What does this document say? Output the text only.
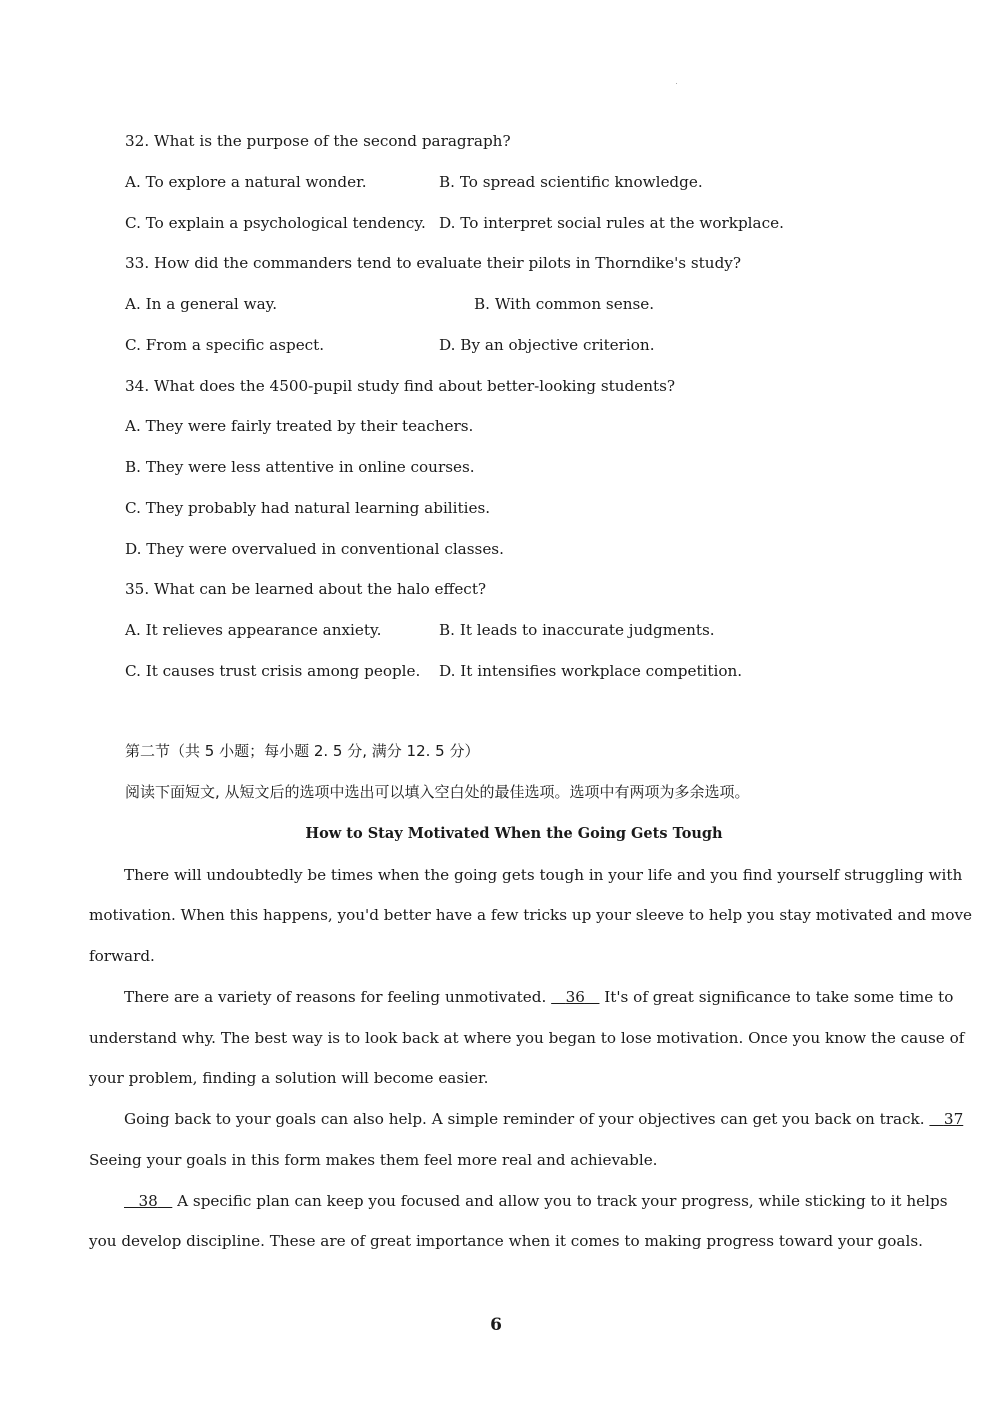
32. What is the purpose of the second paragraph?
A. To explore a natural wonder.	B. To spread scientific knowledge.
C. To explain a psychological tendency. D. To interpret social rules at the workplace.
33. How did the commanders tend to evaluate their pilots in Thorndike's study?
A. In a general way.	B. With common sense.
C. From a specific aspect.	D. By an objective criterion.
34. What does the 4500-pupil study find about better-looking students?
A. They were fairly treated by their teachers.
B. They were less attentive in online courses.
C. They probably had natural learning abilities.
D. They were overvalued in conventional classes.
35. What can be learned about the halo effect?
A. It relieves appearance anxiety.	B. It leads to inaccurate judgments.
C. It causes trust crisis among people. D. It intensifies workplace competition.
第二节（共 5 小题；每小题 2. 5 分, 满分 12. 5 分）
阅读下面短文, 从短文后的选项中选出可以填入空白处的最佳选项。选项中有两项为多余选项。
How to Stay Motivated When the Going Gets Tough
There will undoubtedly be times when the going gets tough in your life and you find yourself struggling with
motivation. When this happens, you'd better have a few tricks up your sleeve to help you stay motivated and move
forward.
There are a variety of reasons for feeling unmotivated. 36 It's of great significance to take some time to
understand why. The best way is to look back at where you began to lose motivation. Once you know the cause of
your problem, finding a solution will become easier.
Going back to your goals can also help. A simple reminder of your objectives can get you back on track. 37
Seeing your goals in this form makes them feel more real and achievable.
38 A specific plan can keep you focused and allow you to track your progress, while sticking to it helps
you develop discipline. These are of great importance when it comes to making progress toward your goals.
6
